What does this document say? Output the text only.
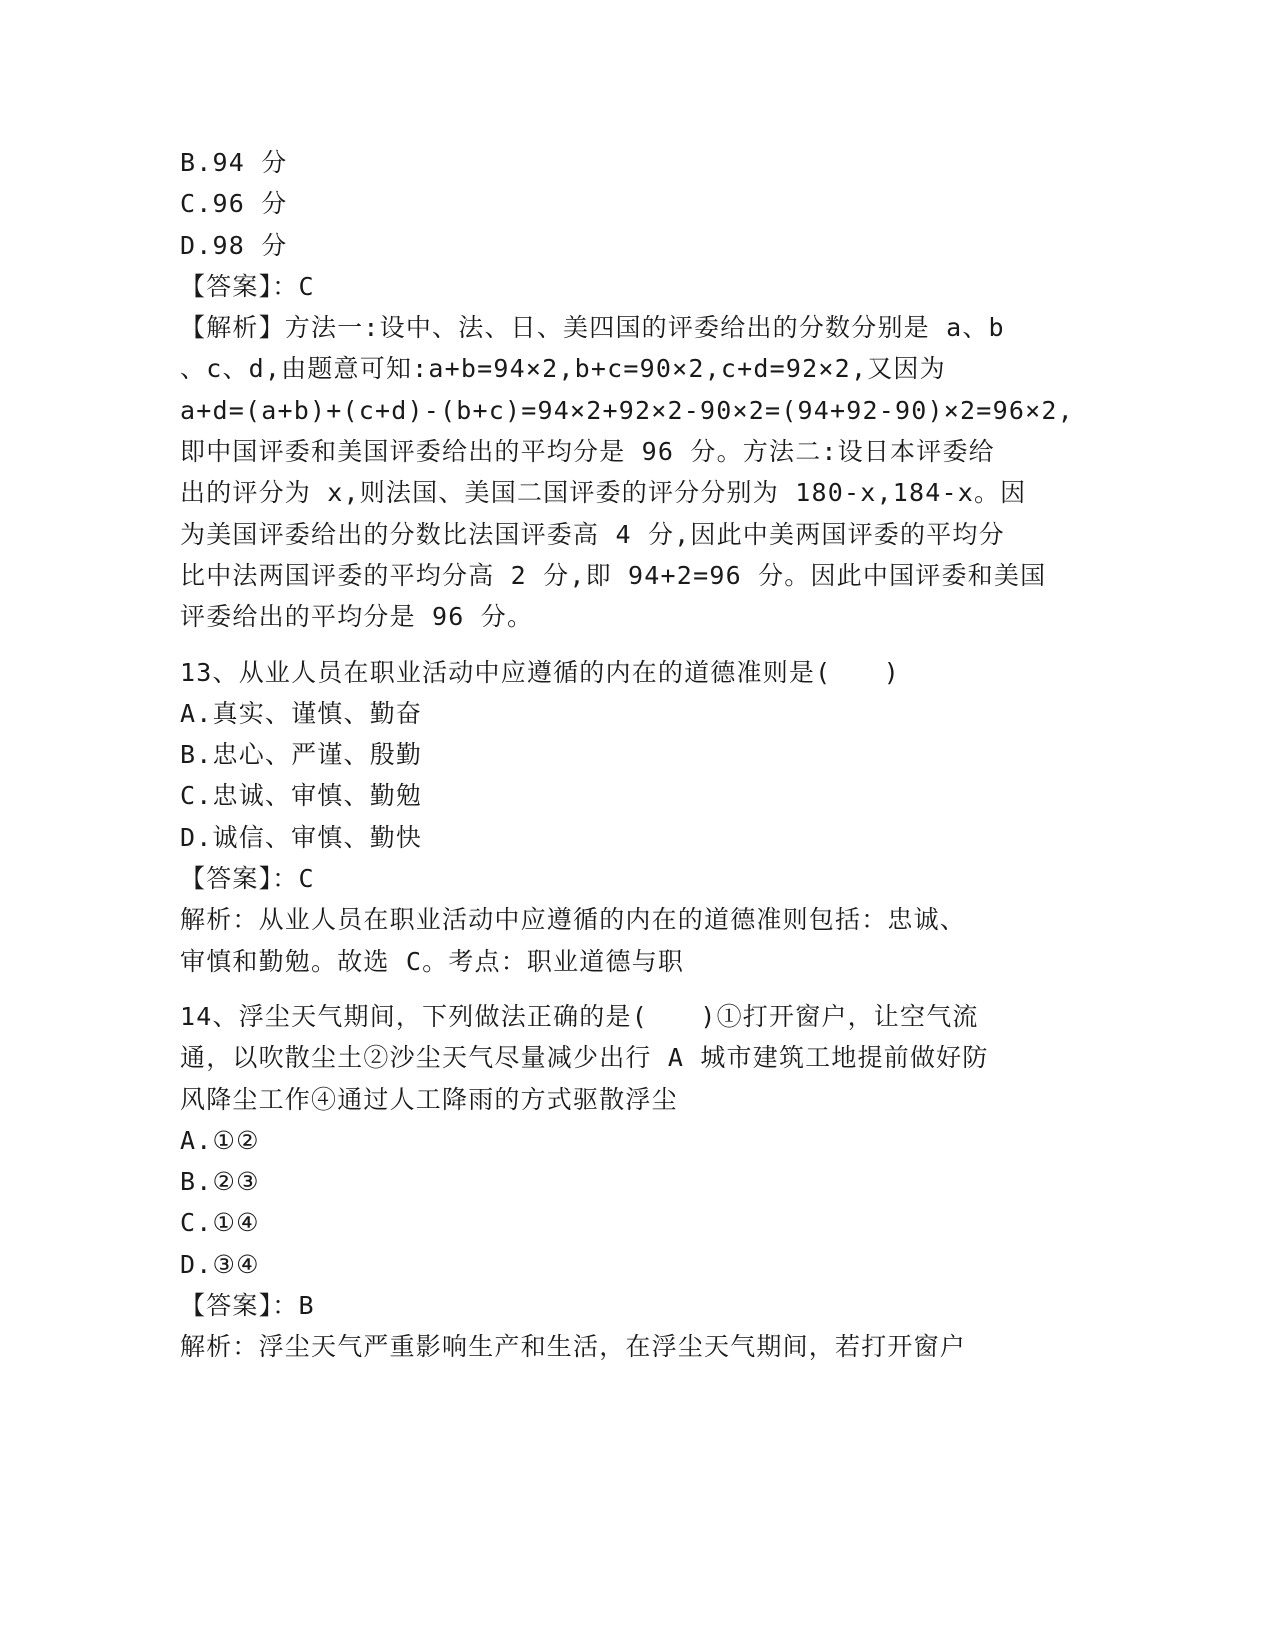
B.94 分
C.96 分
D.98 分
【答案】：C
【解析】方法一:设中、法、日、美四国的评委给出的分数分别是 a、b
、c、d,由题意可知:a+b=94×2,b+c=90×2,c+d=92×2,又因为
a+d=(a+b)+(c+d)-(b+c)=94×2+92×2-90×2=(94+92-90)×2=96×2,
即中国评委和美国评委给出的平均分是 96 分。方法二:设日本评委给
出的评分为 x,则法国、美国二国评委的评分分别为 180-x,184-x。因
为美国评委给出的分数比法国评委高 4 分,因此中美两国评委的平均分
比中法两国评委的平均分高 2 分,即 94+2=96 分。因此中国评委和美国
评委给出的平均分是 96 分。
13、从业人员在职业活动中应遵循的内在的道德准则是(　　)
A.真实、谨慎、勤奋
B.忠心、严谨、殷勤
C.忠诚、审慎、勤勉
D.诚信、审慎、勤快
【答案】：C
解析：从业人员在职业活动中应遵循的内在的道德准则包括：忠诚、
审慎和勤勉。故选 C。考点：职业道德与职
14、浮尘天气期间，下列做法正确的是(　　)①打开窗户，让空气流
通，以吹散尘土②沙尘天气尽量减少出行 A 城市建筑工地提前做好防
风降尘工作④通过人工降雨的方式驱散浮尘
A.①②
B.②③
C.①④
D.③④
【答案】：B
解析：浮尘天气严重影响生产和生活，在浮尘天气期间，若打开窗户
